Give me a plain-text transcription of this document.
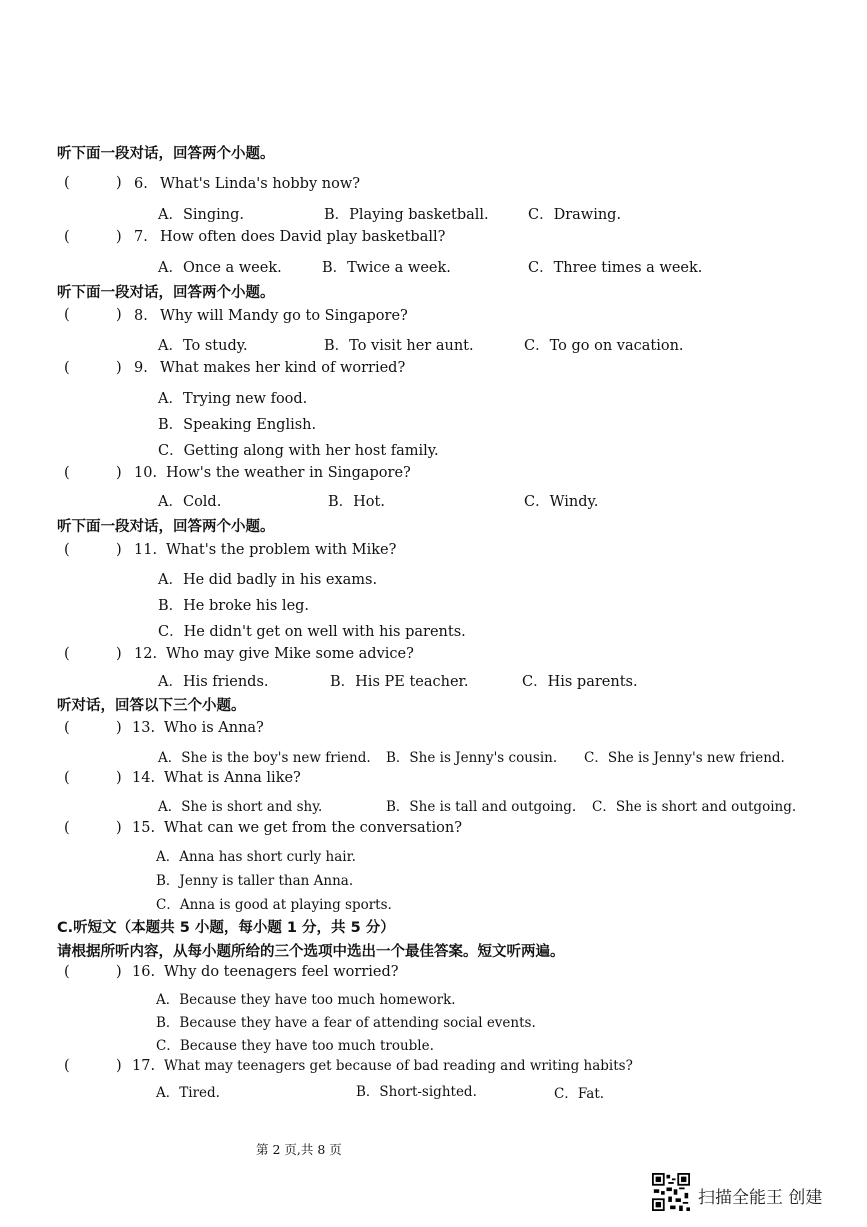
听下面一段对话，回答两个小题。
(	) 6. What's Linda's hobby now?
A．Singing.	B．Playing basketball.	C．Drawing.
(	) 7. How often does David play basketball?
A．Once a week.	B．Twice a week.	C．Three times a week.
听下面一段对话，回答两个小题。
(	) 8. Why will Mandy go to Singapore?
A．To study.	B．To visit her aunt.	C．To go on vacation.
(	) 9. What makes her kind of worried?
A．Trying new food.
B．Speaking English.
C．Getting along with her host family.
(	) 10. How's the weather in Singapore?
A．Cold.	B．Hot.	C．Windy.
听下面一段对话，回答两个小题。
(	) 11. What's the problem with Mike?
A．He did badly in his exams.
B．He broke his leg.
C．He didn't get on well with his parents.
(	) 12. Who may give Mike some advice?
A．His friends.	B．His PE teacher.	C．His parents.
听对话，回答以下三个小题。
(	) 13. Who is Anna?
A．She is the boy's new friend. B．She is Jenny's cousin. C．She is Jenny's new friend.
(	) 14. What is Anna like?
A．She is short and shy.	B．She is tall and outgoing. C．She is short and outgoing.
(	) 15. What can we get from the conversation?
A．Anna has short curly hair.
B．Jenny is taller than Anna.
C．Anna is good at playing sports.
C.听短文（本题共 5 小题，每小题 1 分，共 5 分）
请根据所听内容，从每小题所给的三个选项中选出一个最佳答案。短文听两遍。
(	) 16. Why do teenagers feel worried?
A．Because they have too much homework.
B．Because they have a fear of attending social events.
C．Because they have too much trouble.
(	) 17. What may teenagers get because of bad reading and writing habits?
A．Tired.	B．Short-sighted.	C．Fat.
第 2 页,共 8 页
扫描全能王 创建
